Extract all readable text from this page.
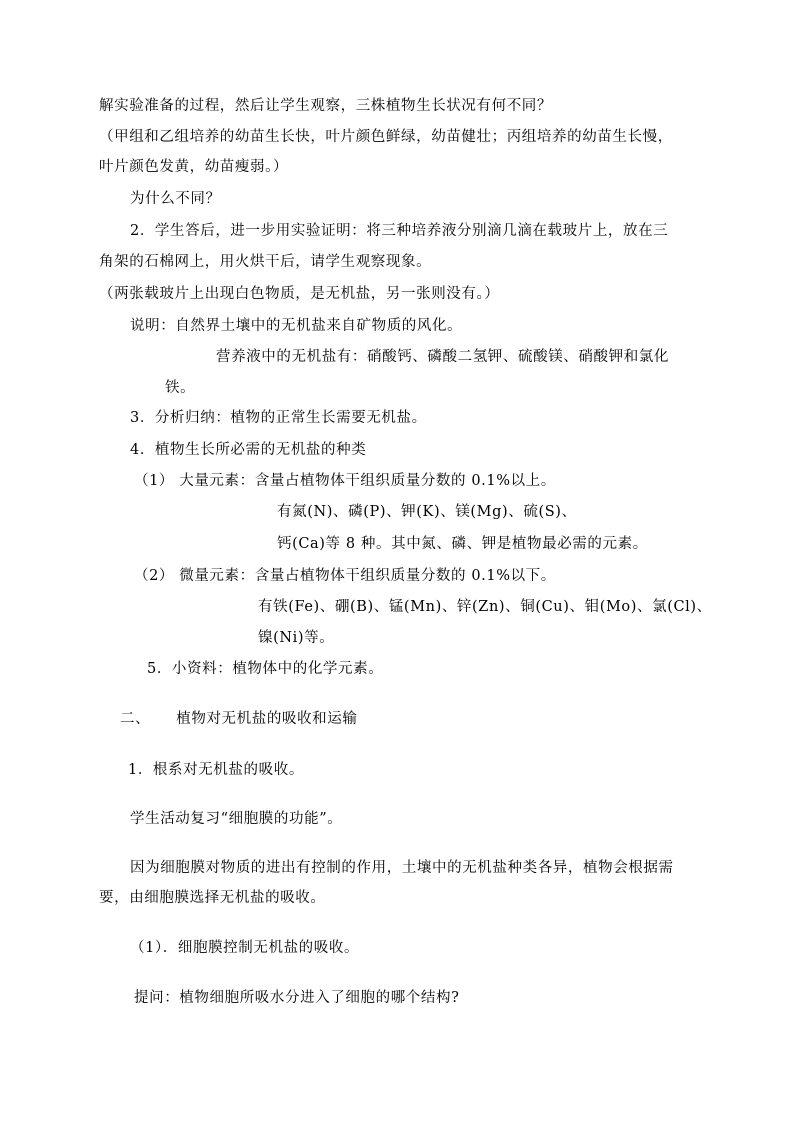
解实验准备的过程，然后让学生观察，三株植物生长状况有何不同？
（甲组和乙组培养的幼苗生长快，叶片颜色鲜绿，幼苗健壮；丙组培养的幼苗生长慢，
叶片颜色发黄，幼苗瘦弱。）
为什么不同？
2．学生答后，进一步用实验证明：将三种培养液分别滴几滴在载玻片上，放在三
角架的石棉网上，用火烘干后，请学生观察现象。
（两张载玻片上出现白色物质，是无机盐，另一张则没有。）
说明：自然界土壤中的无机盐来自矿物质的风化。
营养液中的无机盐有：硝酸钙、磷酸二氢钾、硫酸镁、硝酸钾和氯化
铁。
3．分析归纳：植物的正常生长需要无机盐。
4．植物生长所必需的无机盐的种类
（1） 大量元素：含量占植物体干组织质量分数的 0.1%以上。
有氮(N)、磷(P)、钾(K)、镁(Mg)、硫(S)、
钙(Ca)等 8 种。其中氮、磷、钾是植物最必需的元素。
（2） 微量元素：含量占植物体干组织质量分数的 0.1%以下。
有铁(Fe)、硼(B)、锰(Mn)、锌(Zn)、铜(Cu)、钼(Mo)、氯(Cl)、
镍(Ni)等。
5．小资料：植物体中的化学元素。
二、     植物对无机盐的吸收和运输
1．根系对无机盐的吸收。
学生活动复习“细胞膜的功能”。
因为细胞膜对物质的进出有控制的作用，土壤中的无机盐种类各异，植物会根据需
要，由细胞膜选择无机盐的吸收。
（1）．细胞膜控制无机盐的吸收。
提问：植物细胞所吸水分进入了细胞的哪个结构?
